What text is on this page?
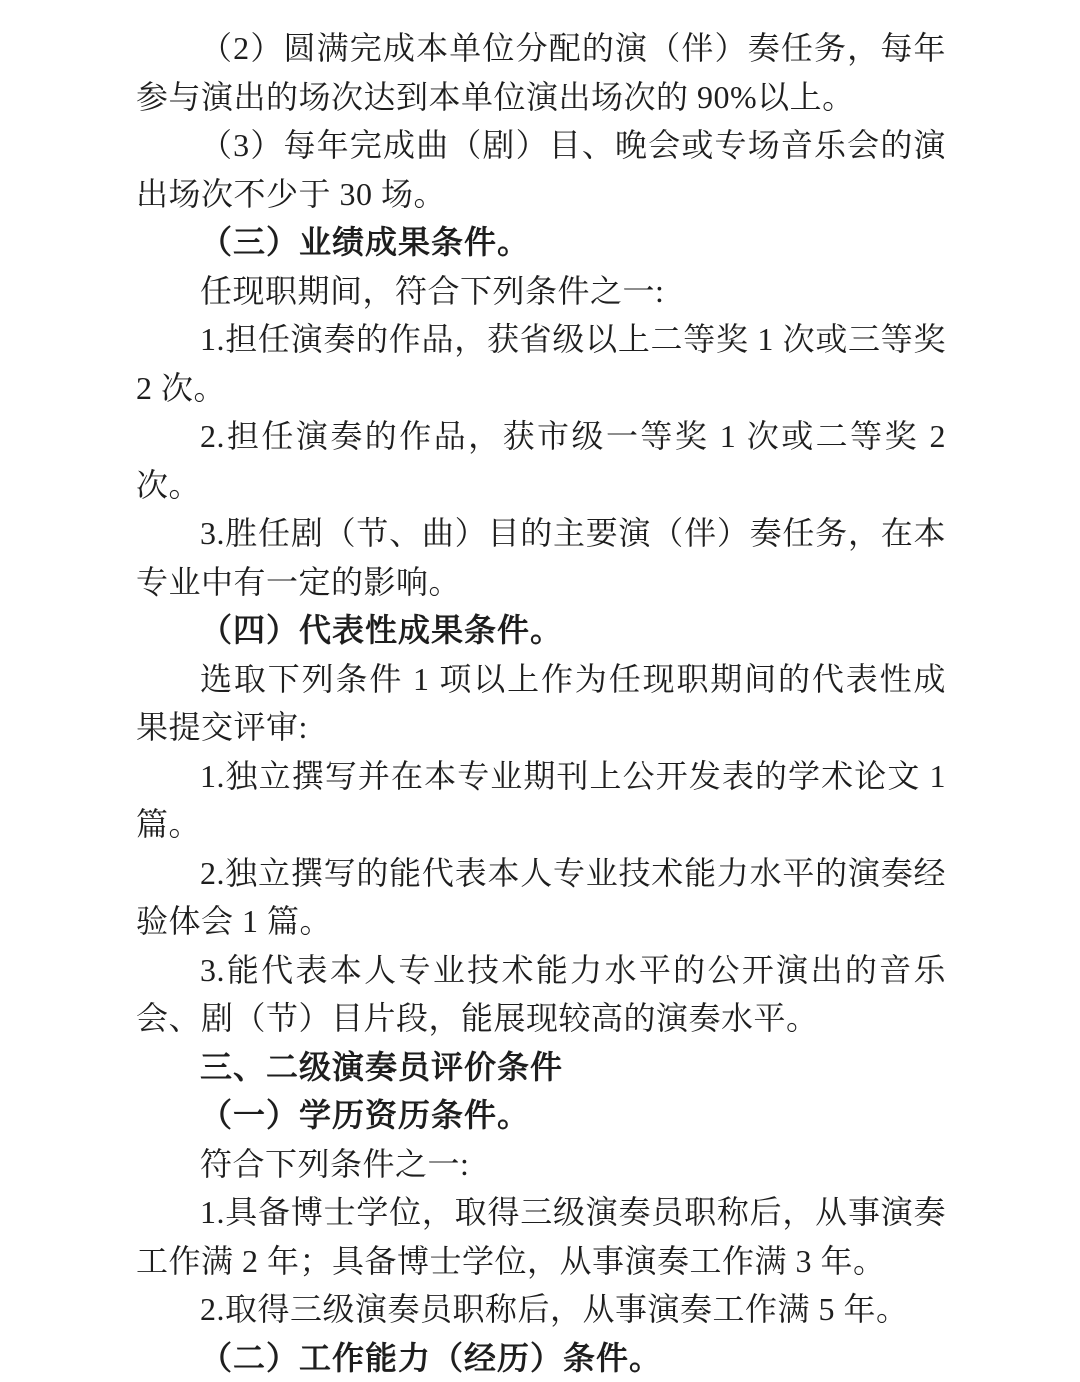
（2）圆满完成本单位分配的演（伴）奏任务，每年参与演出的场次达到本单位演出场次的 90%以上。

（3）每年完成曲（剧）目、晚会或专场音乐会的演出场次不少于 30 场。

（三）业绩成果条件。

任现职期间，符合下列条件之一:

1.担任演奏的作品，获省级以上二等奖 1 次或三等奖 2 次。

2.担任演奏的作品，获市级一等奖 1 次或二等奖 2 次。

3.胜任剧（节、曲）目的主要演（伴）奏任务，在本专业中有一定的影响。

（四）代表性成果条件。

选取下列条件 1 项以上作为任现职期间的代表性成果提交评审:

1.独立撰写并在本专业期刊上公开发表的学术论文 1 篇。

2.独立撰写的能代表本人专业技术能力水平的演奏经验体会 1 篇。

3.能代表本人专业技术能力水平的公开演出的音乐会、剧（节）目片段，能展现较高的演奏水平。

三、二级演奏员评价条件

（一）学历资历条件。

符合下列条件之一:

1.具备博士学位，取得三级演奏员职称后，从事演奏工作满 2 年；具备博士学位，从事演奏工作满 3 年。

2.取得三级演奏员职称后，从事演奏工作满 5 年。

（二）工作能力（经历）条件。
